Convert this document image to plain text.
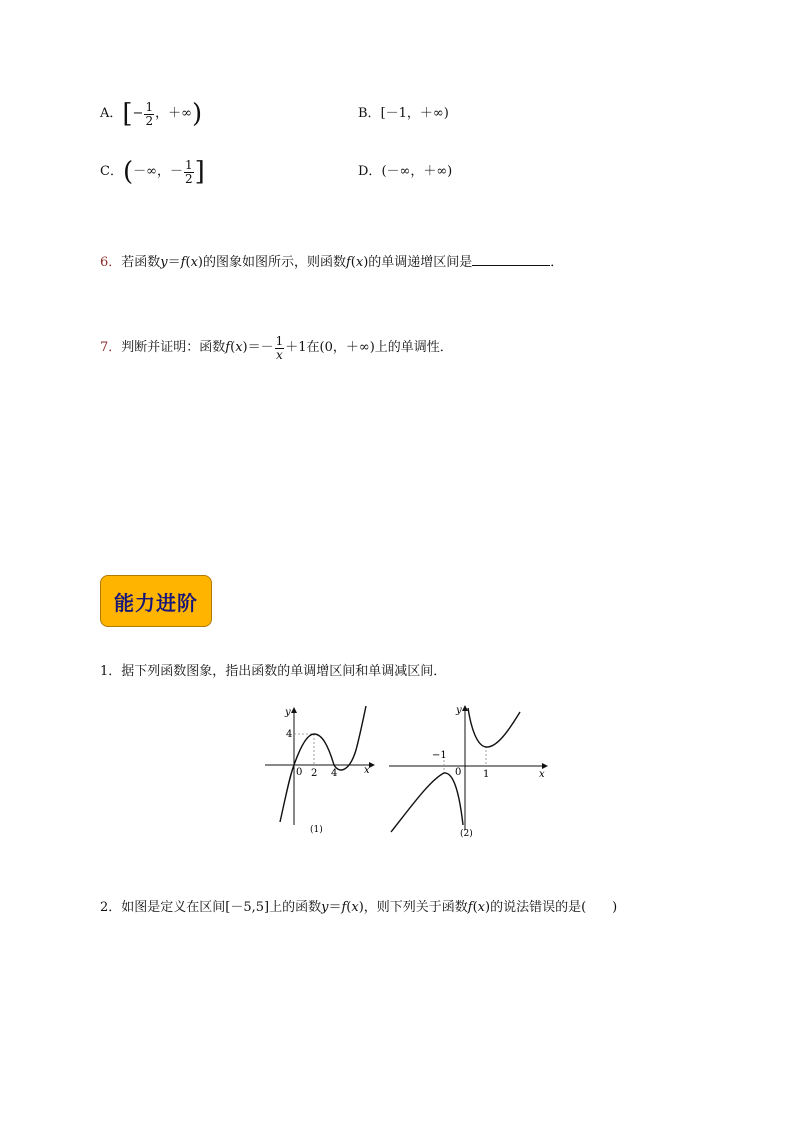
A． [ − $\frac{1}{2}$ ，＋∞ )	B．[－1，＋∞)
C． ( －∞，－ $\frac{1}{2}$ ]	D．(－∞，＋∞)
6．若函数y＝f(x)的图象如图所示，则函数f(x)的单调递增区间是	．
7． 判断并证明：函数 f ( x )＝－ $\frac{1}{x} +1$在(0，＋∞)上的单调性．
能力进阶
1．据下列函数图象，指出函数的单调增区间和单调减区间．
y
x
0
4
2 4
(1)
y
x
0
−1
1
(2)
2．如图是定义在区间[－5,5]上的函数y＝f(x)，则下列关于函数f(x)的说法错误的是(　　)
